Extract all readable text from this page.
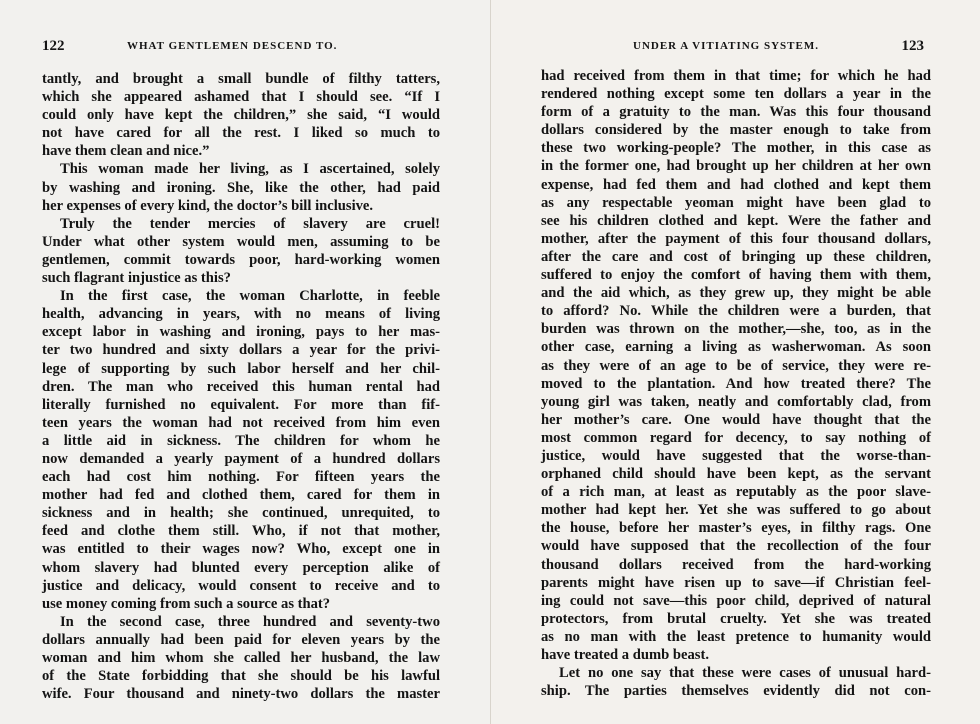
122	WHAT GENTLEMEN DESCEND TO.
tantly, and brought a small bundle of filthy tatters,
which she appeared ashamed that I should see. “If I
could only have kept the children,” she said, “I would
not have cared for all the rest. I liked so much to
have them clean and nice.”
This woman made her living, as I ascertained, solely
by washing and ironing. She, like the other, had paid
her expenses of every kind, the doctor’s bill inclusive.
Truly the tender mercies of slavery are cruel!
Under what other system would men, assuming to be
gentlemen, commit towards poor, hard-working women
such flagrant injustice as this?
In the first case, the woman Charlotte, in feeble
health, advancing in years, with no means of living
except labor in washing and ironing, pays to her mas-
ter two hundred and sixty dollars a year for the privi-
lege of supporting by such labor herself and her chil-
dren. The man who received this human rental had
literally furnished no equivalent. For more than fif-
teen years the woman had not received from him even
a little aid in sickness. The children for whom he
now demanded a yearly payment of a hundred dollars
each had cost him nothing. For fifteen years the
mother had fed and clothed them, cared for them in
sickness and in health; she continued, unrequited, to
feed and clothe them still. Who, if not that mother,
was entitled to their wages now? Who, except one in
whom slavery had blunted every perception alike of
justice and delicacy, would consent to receive and to
use money coming from such a source as that?
In the second case, three hundred and seventy-two
dollars annually had been paid for eleven years by the
woman and him whom she called her husband, the law
of the State forbidding that she should be his lawful
wife. Four thousand and ninety-two dollars the master
UNDER A VITIATING SYSTEM.	123
had received from them in that time; for which he had
rendered nothing except some ten dollars a year in the
form of a gratuity to the man. Was this four thousand
dollars considered by the master enough to take from
these two working-people? The mother, in this case as
in the former one, had brought up her children at her own
expense, had fed them and had clothed and kept them
as any respectable yeoman might have been glad to
see his children clothed and kept. Were the father and
mother, after the payment of this four thousand dollars,
after the care and cost of bringing up these children,
suffered to enjoy the comfort of having them with them,
and the aid which, as they grew up, they might be able
to afford? No. While the children were a burden, that
burden was thrown on the mother,—she, too, as in the
other case, earning a living as washerwoman. As soon
as they were of an age to be of service, they were re-
moved to the plantation. And how treated there? The
young girl was taken, neatly and comfortably clad, from
her mother’s care. One would have thought that the
most common regard for decency, to say nothing of
justice, would have suggested that the worse-than-
orphaned child should have been kept, as the servant
of a rich man, at least as reputably as the poor slave-
mother had kept her. Yet she was suffered to go about
the house, before her master’s eyes, in filthy rags. One
would have supposed that the recollection of the four
thousand dollars received from the hard-working
parents might have risen up to save—if Christian feel-
ing could not save—this poor child, deprived of natural
protectors, from brutal cruelty. Yet she was treated
as no man with the least pretence to humanity would
have treated a dumb beast.
Let no one say that these were cases of unusual hard-
ship. The parties themselves evidently did not con-
